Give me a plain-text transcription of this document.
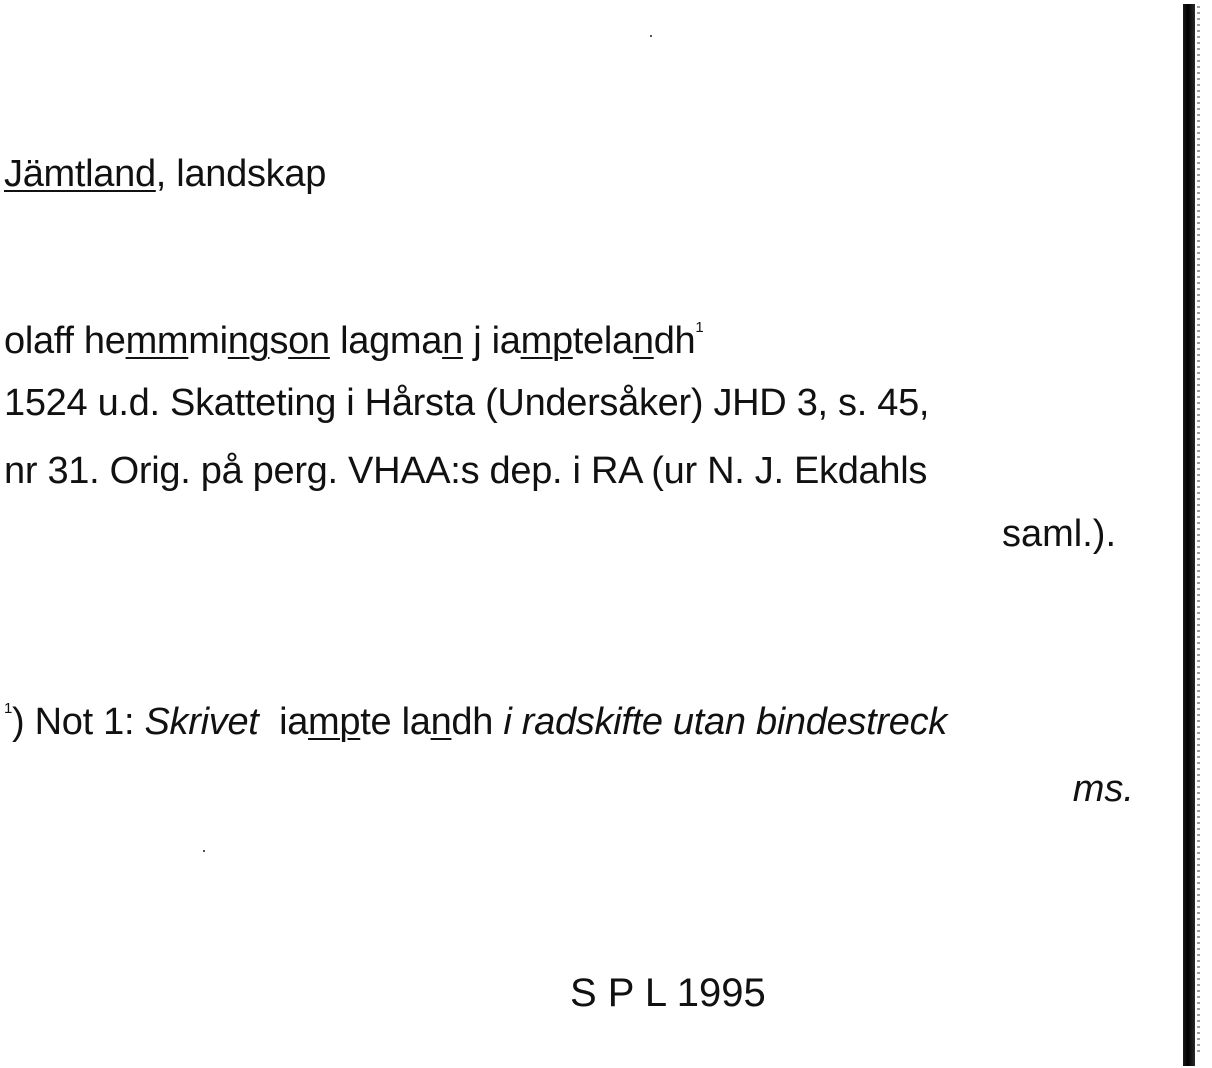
Jämtland, landskap
olaff hemmmingson lagman j iamptelandh$^1$
1524 u.d. Skatteting i Hårsta (Undersåker) JHD 3, s. 45,
nr 31. Orig. på perg. VHAA:s dep. i RA (ur N. J. Ekdahls
saml.).
$^1$) Not 1: Skrivet iampte landh i radskifte utan bindestreck
ms.
S P L 1995
